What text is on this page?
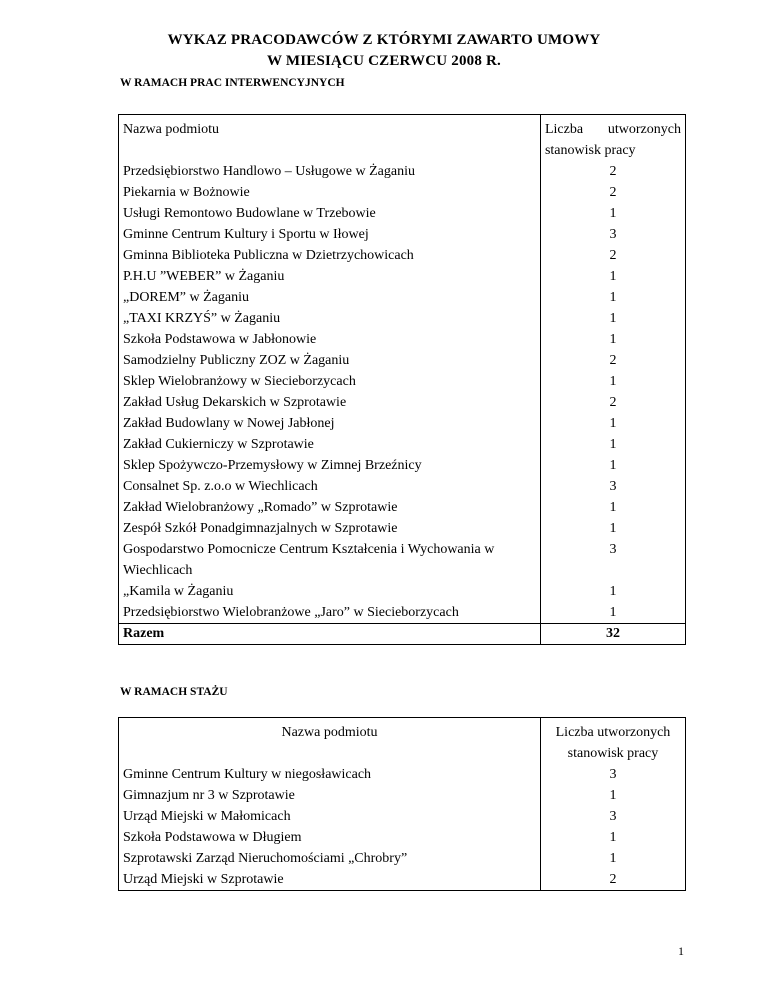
WYKAZ PRACODAWCÓW Z KTÓRYMI ZAWARTO UMOWY
W MIESIĄCU CZERWCU 2008 R.
W RAMACH PRAC INTERWENCYJNYCH
Nazwa podmiotu	Liczba utworzonych

	stanowisk pracy

Przedsiębiorstwo Handlowo – Usługowe w Żaganiu	2
Piekarnia w Bożnowie	2
Usługi Remontowo Budowlane w Trzebowie	1
Gminne Centrum Kultury i Sportu w Iłowej	3
Gminna Biblioteka Publiczna w Dzietrzychowicach	2
P.H.U ”WEBER” w Żaganiu	1
„DOREM” w Żaganiu	1
„TAXI KRZYŚ” w Żaganiu	1
Szkoła Podstawowa w Jabłonowie	1
Samodzielny Publiczny ZOZ w Żaganiu	2
Sklep Wielobranżowy w Siecieborzycach	1
Zakład Usług Dekarskich w Szprotawie	2
Zakład Budowlany w Nowej Jabłonej	1
Zakład Cukierniczy w Szprotawie	1
Sklep Spożywczo-Przemysłowy w Zimnej Brzeźnicy	1
Consalnet Sp. z.o.o w Wiechlicach	3
Zakład Wielobranżowy „Romado” w Szprotawie	1
Zespół Szkół Ponadgimnazjalnych w Szprotawie	1
Gospodarstwo Pomocnicze Centrum Kształcenia i Wychowania w Wiechlicach	3
„Kamila w Żaganiu	1
Przedsiębiorstwo Wielobranżowe „Jaro” w Siecieborzycach	1
Razem	32
W RAMACH STAŻU
Nazwa podmiotu	Liczba utworzonych
	stanowisk pracy
Gminne Centrum Kultury w niegosławicach	3
Gimnazjum nr 3 w Szprotawie	1
Urząd Miejski w Małomicach	3
Szkoła Podstawowa w Długiem	1
Szprotawski Zarząd Nieruchomościami „Chrobry”	1
Urząd Miejski w Szprotawie	2
1
